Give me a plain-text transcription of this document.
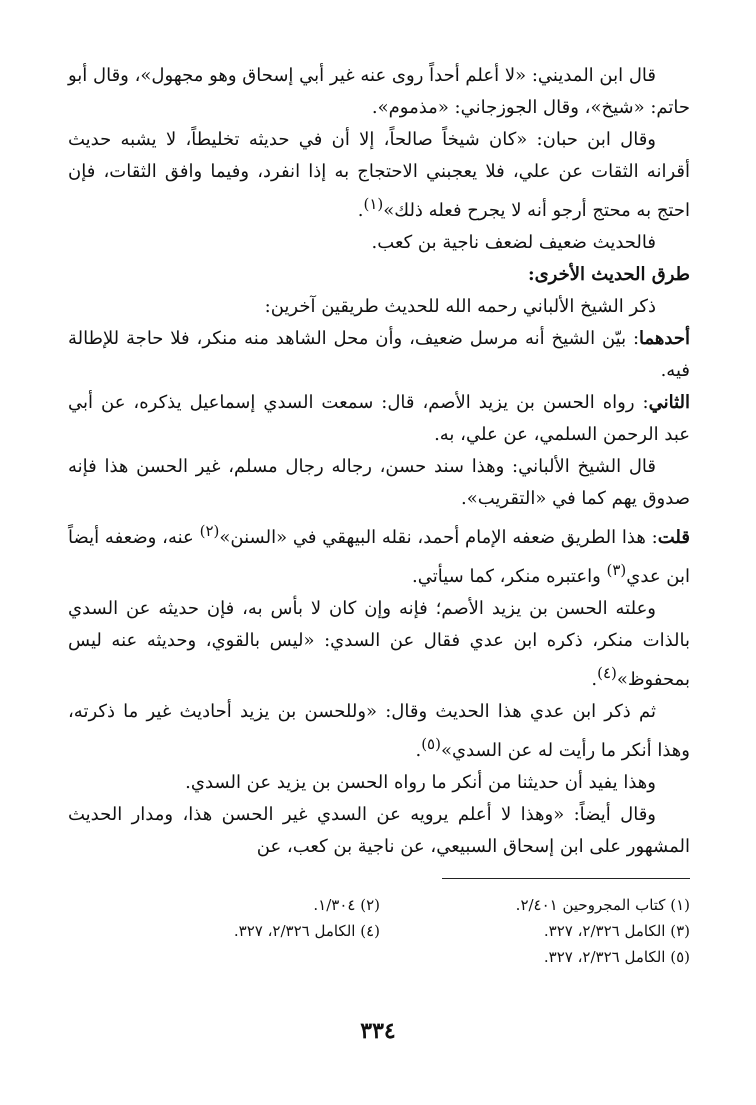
قال ابن المديني: «لا أعلم أحداً روى عنه غير أبي إسحاق وهو مجهول»، وقال أبو حاتم: «شيخ»، وقال الجوزجاني: «مذموم».

وقال ابن حبان: «كان شيخاً صالحاً، إلا أن في حديثه تخليطاً، لا يشبه حديث أقرانه الثقات عن علي، فلا يعجبني الاحتجاج به إذا انفرد، وفيما وافق الثقات، فإن احتج به محتج أرجو أنه لا يجرح فعله ذلك»$^{(١)}$.

فالحديث ضعيف لضعف ناجية بن كعب.

طرق الحديث الأخرى:

ذكر الشيخ الألباني رحمه الله للحديث طريقين آخرين:

أحدهما: بيّن الشيخ أنه مرسل ضعيف، وأن محل الشاهد منه منكر، فلا حاجة للإطالة فيه.

الثاني: رواه الحسن بن يزيد الأصم، قال: سمعت السدي إسماعيل يذكره، عن أبي عبد الرحمن السلمي، عن علي، به.

قال الشيخ الألباني: وهذا سند حسن، رجاله رجال مسلم، غير الحسن هذا فإنه صدوق يهم كما في «التقريب».

قلت: هذا الطريق ضعفه الإمام أحمد، نقله البيهقي في «السنن»$^{(٢)}$ عنه، وضعفه أيضاً ابن عدي$^{(٣)}$ واعتبره منكر، كما سيأتي.

وعلته الحسن بن يزيد الأصم؛ فإنه وإن كان لا بأس به، فإن حديثه عن السدي بالذات منكر، ذكره ابن عدي فقال عن السدي: «ليس بالقوي، وحديثه عنه ليس بمحفوظ»$^{(٤)}$.

ثم ذكر ابن عدي هذا الحديث وقال: «وللحسن بن يزيد أحاديث غير ما ذكرته، وهذا أنكر ما رأيت له عن السدي»$^{(٥)}$.

وهذا يفيد أن حديثنا من أنكر ما رواه الحسن بن يزيد عن السدي.

وقال أيضاً: «وهذا لا أعلم يرويه عن السدي غير الحسن هذا، ومدار الحديث المشهور على ابن إسحاق السبيعي، عن ناجية بن كعب، عن

(١) كتاب المجروحين ٢/٤٠١.
(٢) ١/٣٠٤.
(٣) الكامل ٢/٣٢٦، ٣٢٧.
(٤) الكامل ٢/٣٢٦، ٣٢٧.
(٥) الكامل ٢/٣٢٦، ٣٢٧.
٣٣٤
